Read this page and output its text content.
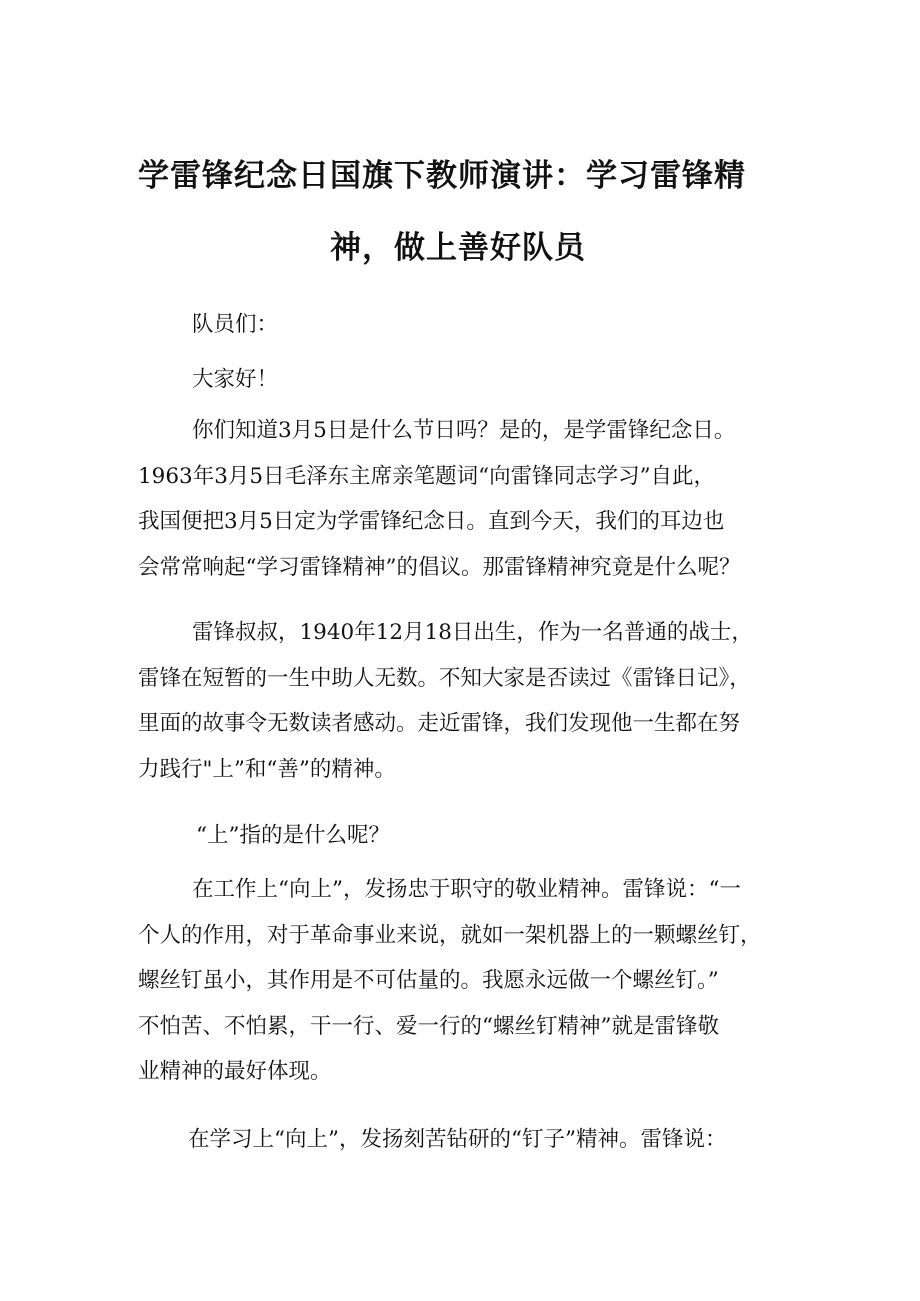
学雷锋纪念日国旗下教师演讲：学习雷锋精
神，做上善好队员
队员们：
大家好！
你们知道3月5日是什么节日吗？是的，是学雷锋纪念日。
1963年3月5日毛泽东主席亲笔题词“向雷锋同志学习”自此，
我国便把3月5日定为学雷锋纪念日。直到今天，我们的耳边也
会常常响起“学习雷锋精神”的倡议。那雷锋精神究竟是什么呢？
雷锋叔叔，1940年12月18日出生，作为一名普通的战士，
雷锋在短暂的一生中助人无数。不知大家是否读过《雷锋日记》，
里面的故事令无数读者感动。走近雷锋，我们发现他一生都在努
力践行"上”和“善”的精神。
“上”指的是什么呢？
在工作上“向上”，发扬忠于职守的敬业精神。雷锋说：“一
个人的作用，对于革命事业来说，就如一架机器上的一颗螺丝钉，
螺丝钉虽小，其作用是不可估量的。我愿永远做一个螺丝钉。”
不怕苦、不怕累，干一行、爱一行的“螺丝钉精神”就是雷锋敬
业精神的最好体现。
在学习上“向上”，发扬刻苦钻研的“钉子”精神。雷锋说：
